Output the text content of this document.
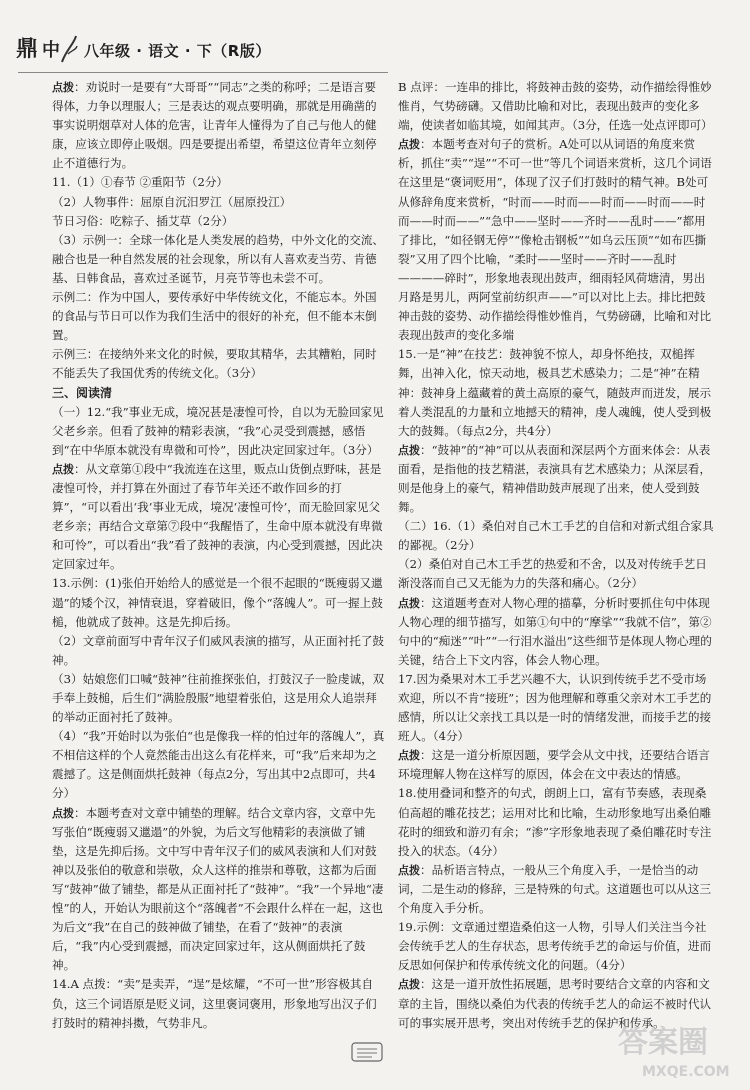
鼎 中 八年级 · 语文 · 下（R版）

点拨：劝说时一是要有“大哥哥”“同志”之类的称呼；二是语言要得体，力争以理服人；三是表达的观点要明确，那就是用确凿的事实说明烟草对人体的危害，让青年人懂得为了自己与他人的健康，应该立即停止吸烟。四是要提出希望，希望这位青年立刻停止不道德行为。

11.（1）①春节 ②重阳节（2分）

（2）人物事件：屈原自沉汨罗江（屈原投江）

节日习俗：吃粽子、插艾草（2分）

（3）示例一：全球一体化是人类发展的趋势，中外文化的交流、融合也是一种自然发展的社会现象，所以有人喜欢麦当劳、肯德基、日韩食品，喜欢过圣诞节，月亮节等也未尝不可。

示例二：作为中国人，要传承好中华传统文化，不能忘本。外国的食品与节日可以作为我们生活中的很好的补充，但不能本末倒置。

示例三：在接纳外来文化的时候，要取其精华，去其糟粕，同时不能丢失了我国优秀的传统文化。（3分）

三、阅读清

（一）12.“我”事业无成，境况甚是凄惶可怜，自以为无脸回家见父老乡亲。但看了鼓神的精彩表演，“我”心灵受到震撼，感悟到“在中华原本就没有卑微和可怜”，因此决定回家过年。（3分）

点拨：从文章第①段中“我流连在这里，贩点山货倒点野味，甚是凄惶可怜，并打算在外面过了春节年关还不敢作回乡的打算”，“可以看出‘我’事业无成，境况‘凄惶可怜’，而无脸回家见父老乡亲；再结合文章第⑦段中“我醒悟了，生命中原本就没有卑微和可怜”，可以看出“我”看了鼓神的表演，内心受到震撼，因此决定回家过年。

13.示例：(1)张伯开始给人的感觉是一个很不起眼的“既瘦弱又邋遢”的矮个汉，神情衰退，穿着破旧，像个“落魄人”。可一握上鼓槌，他就成了鼓神。这是先抑后扬。

（2）文章前面写中青年汉子们威风表演的描写，从正面衬托了鼓神。

（3）姑娘您们口喊“鼓神”往前推探张伯，打鼓汉子一脸虔诚，双手奉上鼓槌，后生们“满脸殷服”地望着张伯，这是用众人追崇拜的举动正面衬托了鼓神。

（4）“我”开始时以为张伯“也是像我一样的怕过年的落魄人”，真不相信这样的个人竟然能击出这么有花样来，可“我”后来却为之震撼了。这是侧面烘托鼓神（每点2分，写出其中2点即可，共4分）

点拨：本题考查对文章中铺垫的理解。结合文章内容，文章中先写张伯“既瘦弱又邋遢”的外貌，为后文写他精彩的表演做了铺垫，这是先抑后扬。文中写中青年汉子们的威风表演和人们对鼓神以及张伯的敬意和崇敬，众人这样的推崇和尊敬，这都为后面写“鼓神”做了铺垫，都是从正面衬托了“鼓神”。“我”一个异地“凄惶”的人，开始认为眼前这个“落魄者”不会跟什么样在一起，这也为后文“我”在自己的鼓神做了铺垫，在看了“鼓神”的表演后，“我”内心受到震撼，而决定回家过年，这从侧面烘托了鼓神。

14.A 点拨：“卖”是卖弄，“逞”是炫耀，“不可一世”形容极其自负，这三个词语原是贬义词，这里褒词褒用，形象地写出汉子们打鼓时的精神抖擞，气势非凡。

B 点评：一连串的排比，将鼓神击鼓的姿势，动作描绘得惟妙惟肖，气势磅礴。又借助比喻和对比，表现出鼓声的变化多端，使读者如临其境，如闻其声。（3分，任选一处点评即可）

点拨：本题考查对句子的赏析。A处可以从词语的角度来赏析，抓住“卖”“逞”“不可一世”等几个词语来赏析，这几个词语在这里是“褒词贬用”，体现了汉子们打鼓时的精气神。B处可从修辞角度来赏析，“时而——时而——时而——时而——时而——时而——”“急中——坚时——齐时——乱时——”都用了排比，“如径钢无停”“像枪击钢板”“如乌云压顶”“如布匹撕裂”又用了四个比喻，“柔时——坚时——齐时——乱时————碎时”，形象地表现出鼓声，细雨轻风荷塘清，男出月路是男儿，两阿堂前纺织声——”可以对比上去。排比把鼓神击鼓的姿势、动作描绘得惟妙惟肖，气势磅礴，比喻和对比表现出鼓声的变化多端

15.一是“神”在技艺：鼓神貌不惊人，却身怀绝技，双槌挥舞，出神入化，惊天动地，极具艺术感染力；二是“神”在精神：鼓神身上蕴藏着的黄土高原的豪气，随鼓声而迸发，展示着人类混乱的力量和立地撼天的精神，虔人魂魄，使人受到极大的鼓舞。（每点2分，共4分）

点拨：“鼓神”的“神”可以从表面和深层两个方面来体会：从表面看，是指他的技艺精湛，表演具有艺术感染力；从深层看，则是他身上的豪气，精神借助鼓声展现了出来，使人受到鼓舞。

（二）16.（1）桑伯对自己木工手艺的自信和对新式组合家具的鄙视。（2分）

（2）桑伯对自己木工手艺的热爱和不舍，以及对传统手艺日渐没落而自己又无能为力的失落和痛心。（2分）

点拨：这道题考查对人物心理的描摹，分析时要抓住句中体现人物心理的细节描写，如第①句中的“摩挲”“我就不信”，第②句中的“痴迷”“叶”“一行泪水溢出”这些细节是体现人物心理的关键，结合上下文内容，体会人物心理。

17.因为桑果对木工手艺兴趣不大，认识到传统手艺不受市场欢迎，所以不肯“接班”；因为他理解和尊重父亲对木工手艺的感情，所以让父亲找工具以是一时的情绪发泄，而接手艺的接班人。（4分）

点拨：这是一道分析原因题，要学会从文中找，还要结合语言环境理解人物在这样写的原因，体会在文中表达的情感。

18.使用叠词和整齐的句式，朗朗上口，富有节奏感，表现桑伯高超的雕花技艺；运用对比和比喻，生动形象地写出桑伯雕花时的细致和游刃有余；“渗”字形象地表现了桑伯雕花时专注投入的状态。（4分）

点拨：品析语言特点，一般从三个角度入手，一是恰当的动词，二是生动的修辞，三是特殊的句式。这道题也可以从这三个角度入手分析。

19.示例：文章通过塑造桑伯这一人物，引导人们关注当今社会传统手艺人的生存状态，思考传统手艺的命运与价值，进而反思如何保护和传承传统文化的问题。（4分）

点拨：这是一道开放性拓展题，思考时要结合文章的内容和文章的主旨，围绕以桑伯为代表的传统手艺人的命运不被时代认可的事实展开思考，突出对传统手艺的保护和传承。

答案圈
MXQE.COM
